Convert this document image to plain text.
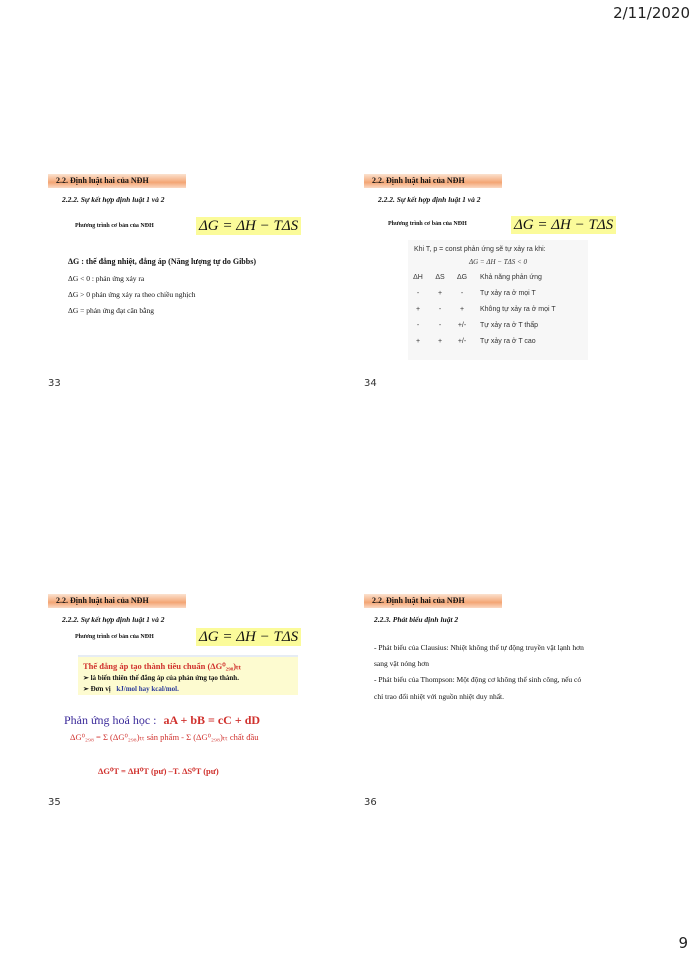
2/11/2020
2.2. Định luật hai của NĐH
2.2.2. Sự kết hợp định luật 1 và 2
Phương trình cơ bản của NĐH	ΔG = ΔH − TΔS
ΔG : thế đẳng nhiệt, đẳng áp (Năng lượng tự do Gibbs)
ΔG < 0 : phản ứng xảy ra
ΔG > 0 phản ứng xảy ra theo chiều nghịch
ΔG = phản ứng đạt cân bằng
33
2.2. Định luật hai của NĐH
2.2.2. Sự kết hợp định luật 1 và 2
Phương trình cơ bản của NĐH	ΔG = ΔH − TΔS
Khi T, p = const phản ứng sẽ tự xảy ra khi:
ΔG = ΔH − TΔS < 0
ΔH	ΔS	ΔG	Khả năng phản ứng
-	+	-	Tự xảy ra ở mọi T
+	-	+	Không tự xảy ra ở mọi T
-	-	+/-	Tự xảy ra ở T thấp
+	+	+/-	Tự xảy ra ở T cao
34
2.2. Định luật hai của NĐH
2.2.2. Sự kết hợp định luật 1 và 2
Phương trình cơ bản của NĐH	ΔG = ΔH − TΔS
Thế đẳng áp tạo thành tiêu chuẩn (ΔG⁰₂₉₈)ₜₜ
➢ là biến thiên thế đẳng áp của phản ứng tạo thành.
➢ Đơn vị kJ/mol hay kcal/mol.
Phản ứng hoá học : aA + bB = cC + dD
ΔG⁰₂₉₈ = Σ (ΔG⁰₂₉₈)ₜₜ sản phẩm - Σ (ΔG⁰₂₉₈)ₜₜ chất đầu
ΔG⁰T = ΔH⁰T (pư) –T. ΔS⁰T (pư)
35
2.2. Định luật hai của NĐH
2.2.3. Phát biểu định luật 2
- Phát biểu của Clausius: Nhiệt không thể tự động truyền vật lạnh hơn
sang vật nóng hơn
- Phát biểu của Thompson: Một động cơ không thể sinh công, nếu có
chỉ trao đổi nhiệt với nguồn nhiệt duy nhất.
36
9
